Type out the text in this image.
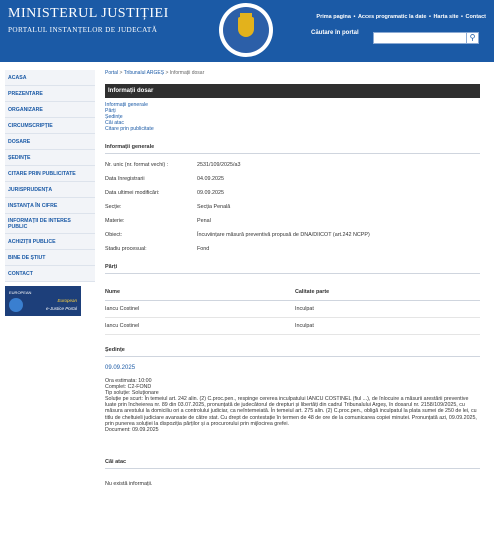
MINISTERUL JUSTIȚIEI
PORTALUL INSTANȚELOR DE JUDECATĂ
Prima pagina • Acces programatic la date • Harta site • Contact
Căutare în portal	⚲
ACASA
PREZENTARE
ORGANIZARE
CIRCUMSCRIPȚIE
DOSARE
ȘEDINȚE
CITARE PRIN PUBLICITATE
JURISPRUDENȚA
INSTANȚA ÎN CIFRE
INFORMAȚII DE INTERES PUBLIC
ACHIZIȚII PUBLICE
BINE DE ȘTIUT
CONTACT
EUROPEAN
European
e-Justice Portal
Portal > Tribunalul ARGEȘ > Informații dosar
Informații dosar
Informații generale
Părți
Ședințe
Căi atac
Citare prin publicitate
Informații generale
Nr. unic (nr. format vechi) :	2531/109/2025/a3
Data înregistrarii	04.09.2025
Data ultimei modificări:	09.09.2025
Secție:	Secția Penală
Materie:	Penal
Obiect:	Încuviințare măsură preventivă propusă de DNA/DIICOT (art.242 NCPP)
Stadiu procesual:	Fond
Părți
Nume	Calitate parte
Iancu Costinel	Inculpat
Iancu Costinel	Inculpat
Ședințe
09.09.2025
Ora estimata: 10:00
Complet: C2-FOND
Tip soluție: Soluționare
Soluție pe scurt: În temeiul art. 242 alin. (2) C.proc.pen., respinge cererea inculpatului IANCU COSTINEL (fiul ...), de înlocuire a măsurii arestării preventive luate prin încheierea nr. 89 din 03.07.2025, pronunțată de judecătorul de drepturi și libertăți din cadrul Tribunalului Argeș, în dosarul nr. 2158/109/2025, cu măsura arestului la domiciliu ori a controlului judiciar, ca neîntemeiată. În temeiul art. 275 alin. (2) C.proc.pen., obligă inculpatul la plata sumei de 250 de lei, cu titlu de cheltuieli judiciare avansate de către stat. Cu drept de contestație în termen de 48 de ore de la comunicarea copiei minutei. Pronunțată azi, 09.09.2025, prin punerea soluției la dispoziția părților și a procurorului prin mijlocirea grefei.
Document: 09.09.2025
Căi atac
Nu există informații.
